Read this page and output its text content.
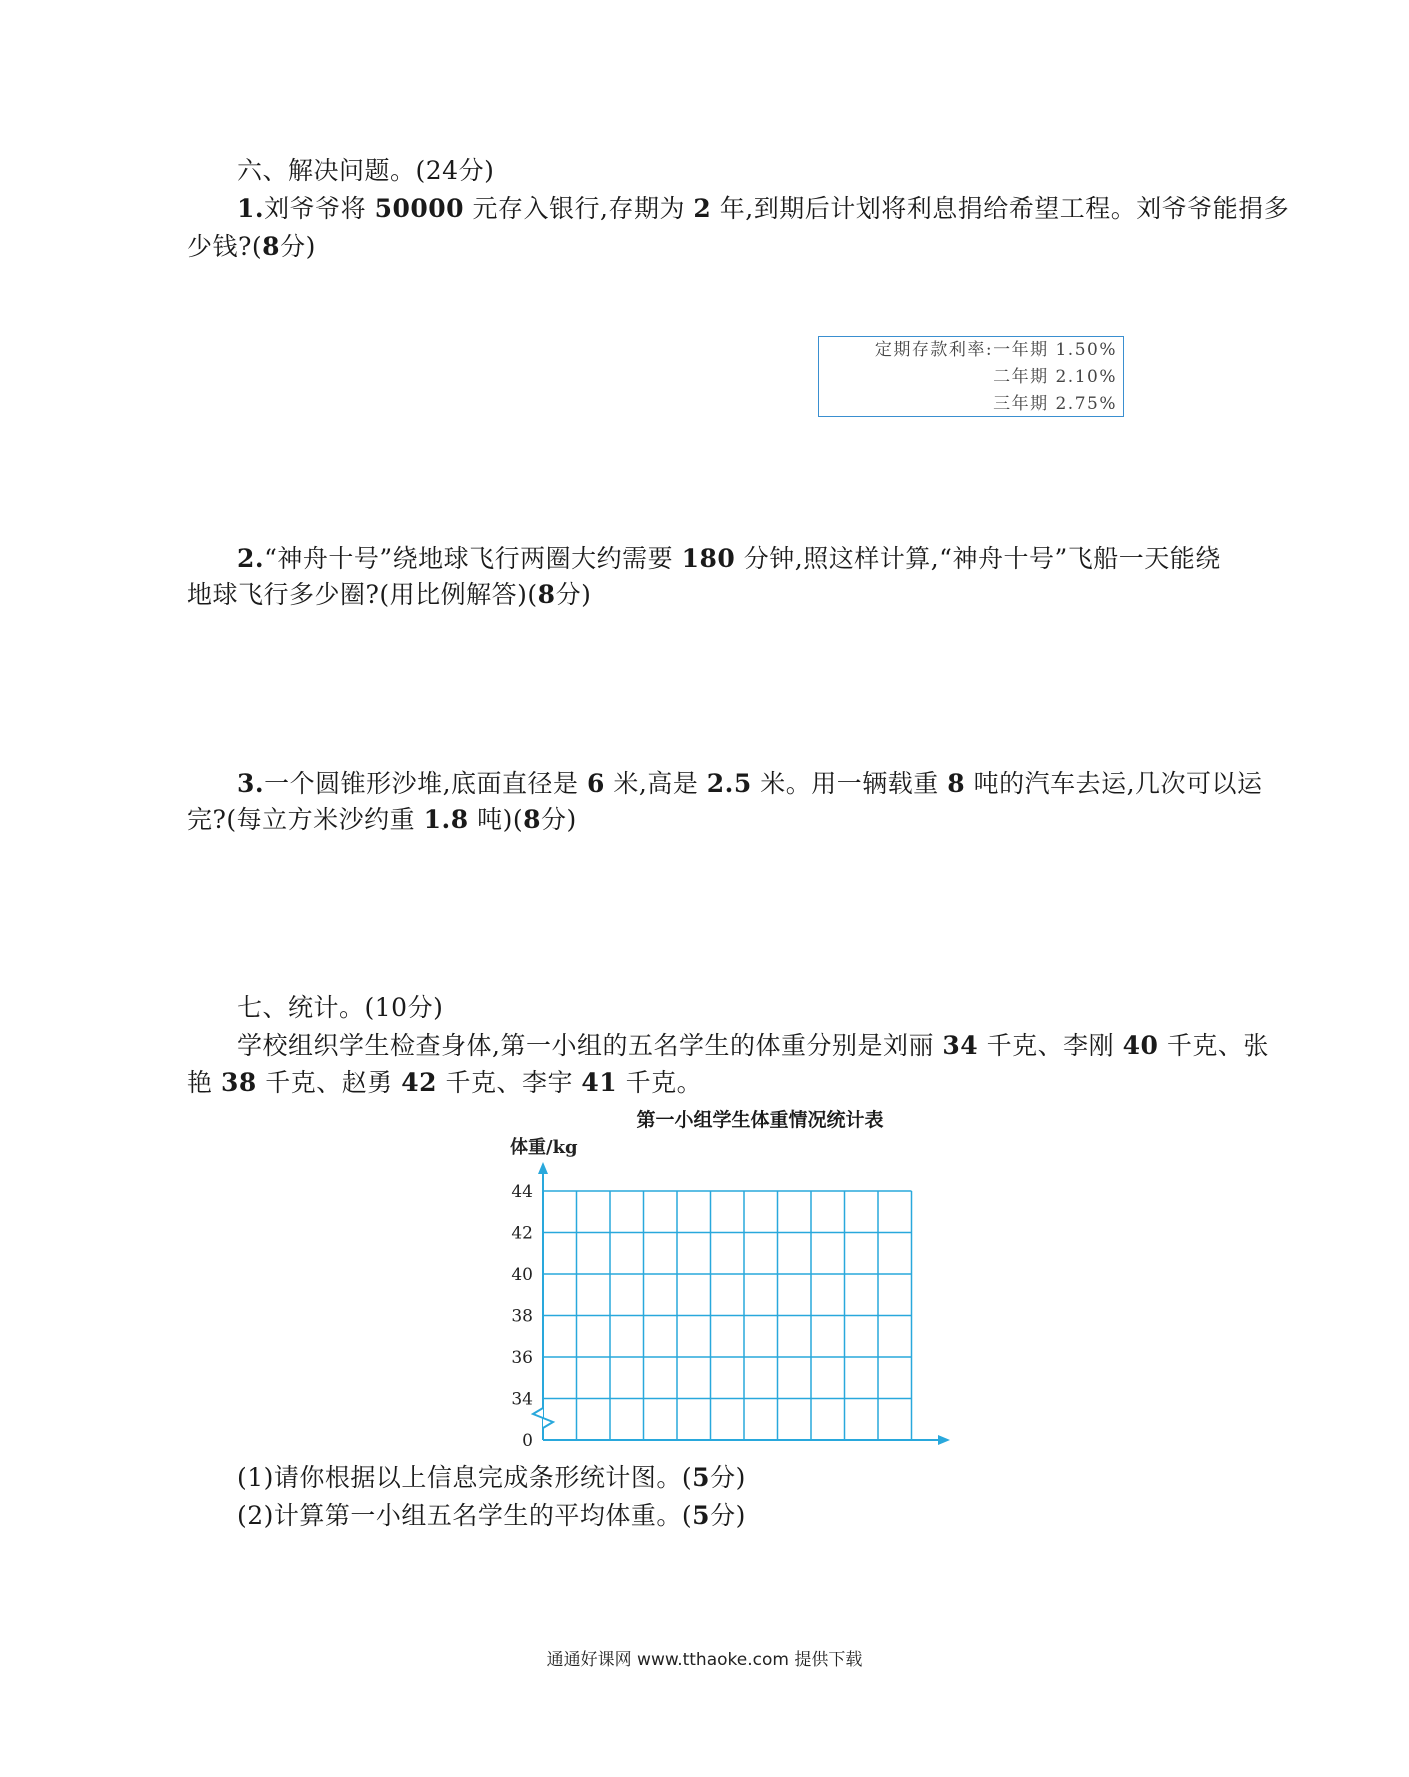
六、解决问题。(24分)
1.刘爷爷将 50000 元存入银行,存期为 2 年,到期后计划将利息捐给希望工程。刘爷爷能捐多
少钱?(8分)
定期存款利率:一年期 1.50%
二年期 2.10%
三年期 2.75%
2.“神舟十号”绕地球飞行两圈大约需要 180 分钟,照这样计算,“神舟十号”飞船一天能绕
地球飞行多少圈?(用比例解答)(8分)
3.一个圆锥形沙堆,底面直径是 6 米,高是 2.5 米。用一辆载重 8 吨的汽车去运,几次可以运
完?(每立方米沙约重 1.8 吨)(8分)
七、统计。(10分)
学校组织学生检查身体,第一小组的五名学生的体重分别是刘丽 34 千克、李刚 40 千克、张
艳 38 千克、赵勇 42 千克、李宇 41 千克。
第一小组学生体重情况统计表
体重/kg
0
34
36
38
40
42
44
(1)请你根据以上信息完成条形统计图。(5分)
(2)计算第一小组五名学生的平均体重。(5分)
通通好课网 www.tthaoke.com 提供下载
